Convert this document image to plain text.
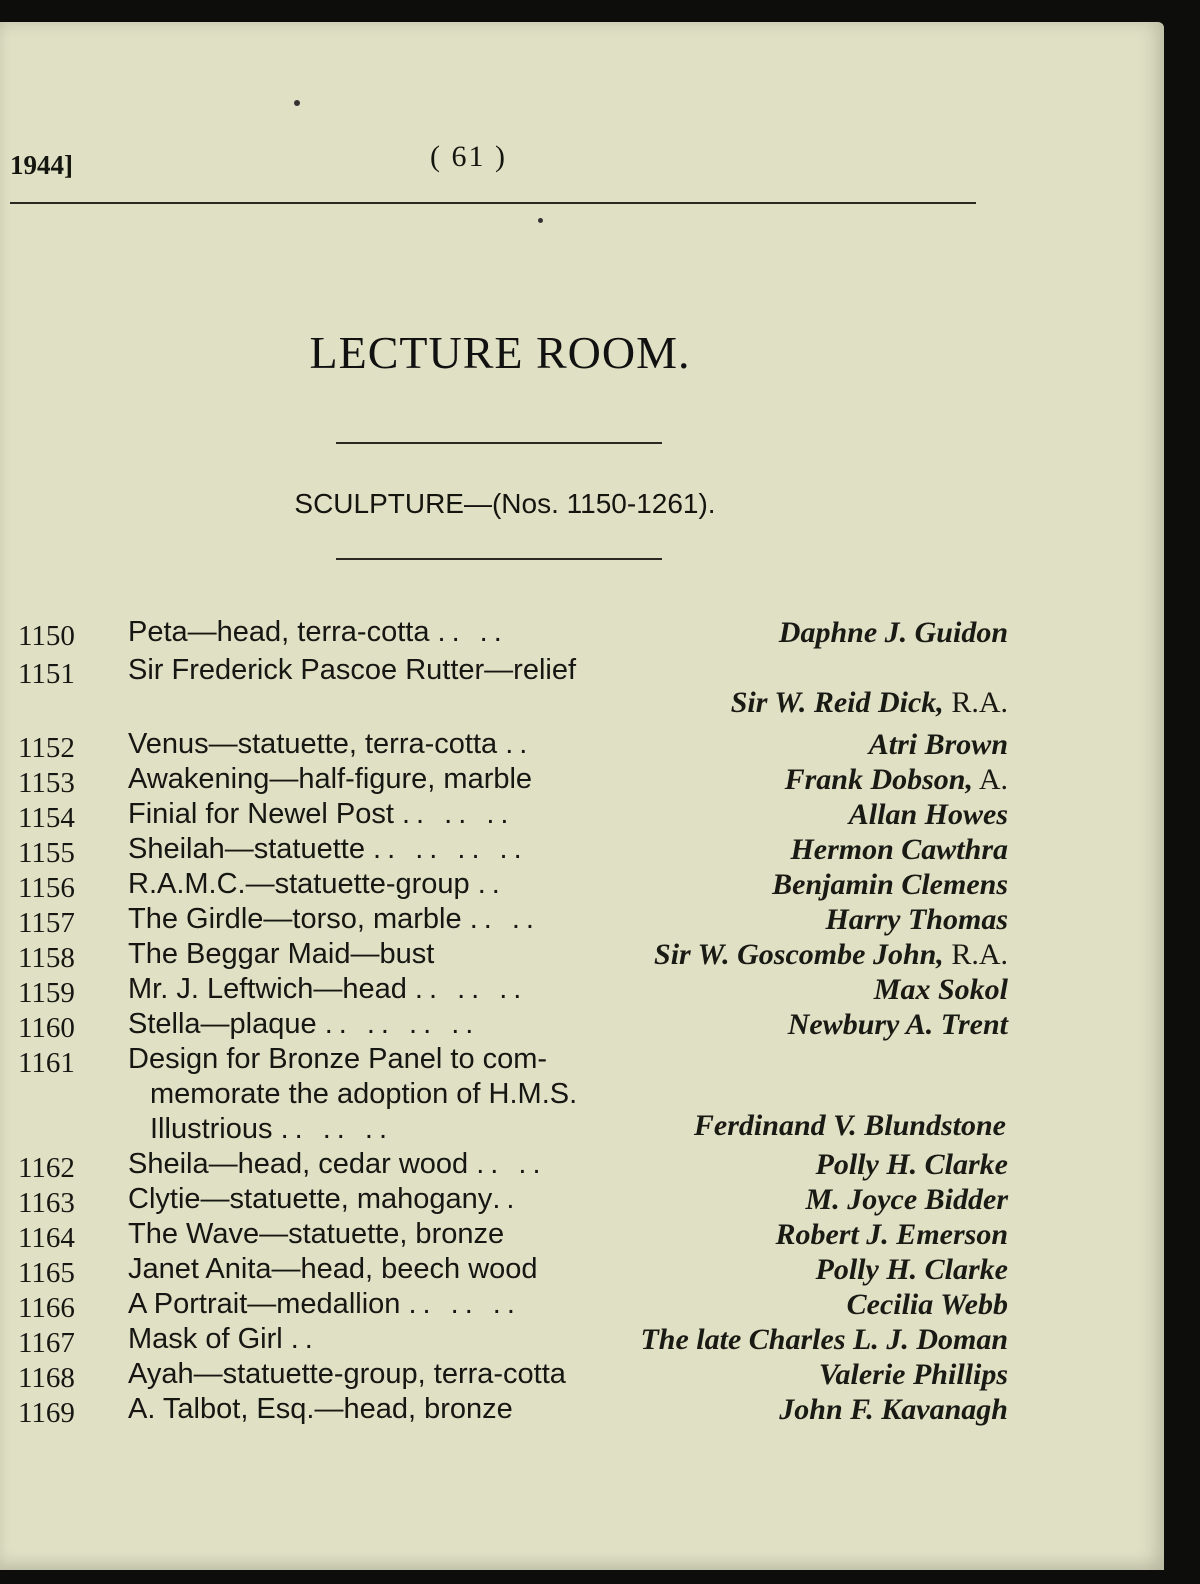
1944]	( 61 )
LECTURE ROOM.
SCULPTURE—(Nos. 1150-1261).
1150	Peta—head, terra-cotta .. ..	Daphne J. Guidon
1151	Sir Frederick Pascoe Rutter—relief
Sir W. Reid Dick, R.A.
1152	Venus—statuette, terra-cotta ..	Atri Brown
1153	Awakening—half-figure, marble	Frank Dobson, A.
1154	Finial for Newel Post .. .. ..	Allan Howes
1155	Sheilah—statuette .. .. .. ..	Hermon Cawthra
1156	R.A.M.C.—statuette-group ..	Benjamin Clemens
1157	The Girdle—torso, marble .. ..	Harry Thomas
1158	The Beggar Maid—bust	Sir W. Goscombe John, R.A.
1159	Mr. J. Leftwich—head .. .. ..	Max Sokol
1160	Stella—plaque .. .. .. ..	Newbury A. Trent
1161	Design for Bronze Panel to com-
memorate the adoption of H.M.S.
Illustrious .. .. ..	Ferdinand V. Blundstone
1162	Sheila—head, cedar wood .. ..	Polly H. Clarke
1163	Clytie—statuette, mahogany..	M. Joyce Bidder
1164	The Wave—statuette, bronze	Robert J. Emerson
1165	Janet Anita—head, beech wood	Polly H. Clarke
1166	A Portrait—medallion .. .. ..	Cecilia Webb
1167	Mask of Girl ..	The late Charles L. J. Doman
1168	Ayah—statuette-group, terra-cotta	Valerie Phillips
1169	A. Talbot, Esq.—head, bronze	John F. Kavanagh
